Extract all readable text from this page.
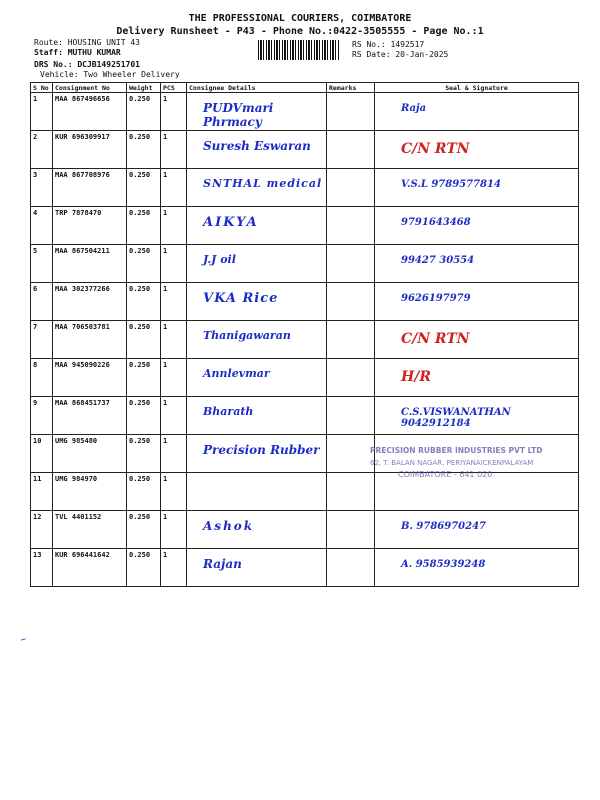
THE PROFESSIONAL COURIERS, COIMBATORE
Delivery Runsheet - P43 - Phone No.:0422-3505555 - Page No.:1
Route: HOUSING UNIT 43
Staff: MUTHU KUMAR
DRS No.: DCJB149251701
Vehicle: Two Wheeler Delivery
RS No.: 1492517
RS Date: 20-Jan-2025
S No	Consignment No	Weight	PCS	Consignee Details	Remarks	Seal & Signature
1	MAA 867496656	0.250	1	PUDVmari Phrmacy		Raja

2	KUR 696309917	0.250	1	Suresh Eswaran		C/N RTN

3	MAA 867708976	0.250	1	SNTHAL medical		V.S.L 9789577814

4	TRP 7878470	0.250	1	AIKYA		9791643468

5	MAA 867504211	0.250	1	J.J oil		99427 30554

6	MAA 302377266	0.250	1	VKA Rice		9626197979

7	MAA 706503781	0.250	1	Thanigawaran		C/N RTN

8	MAA 945090226	0.250	1	Annlevmar		H/R

9	MAA 868451737	0.250	1	Bharath		C.S.VISWANATHAN 9042912184

10	UMG 985480	0.250	1	Precision Rubber		

11	UMG 984970	0.250	1	

12	TVL 4401152	0.250	1	Ashok		B. 9786970247

13	KUR 696441642	0.250	1	Rajan		A. 9585939248
PRECISION RUBBER INDUSTRIES PVT LTD
62, T. BALAN NAGAR, PERIYANAICKENPALAYAM
COIMBATORE - 641 020
~
